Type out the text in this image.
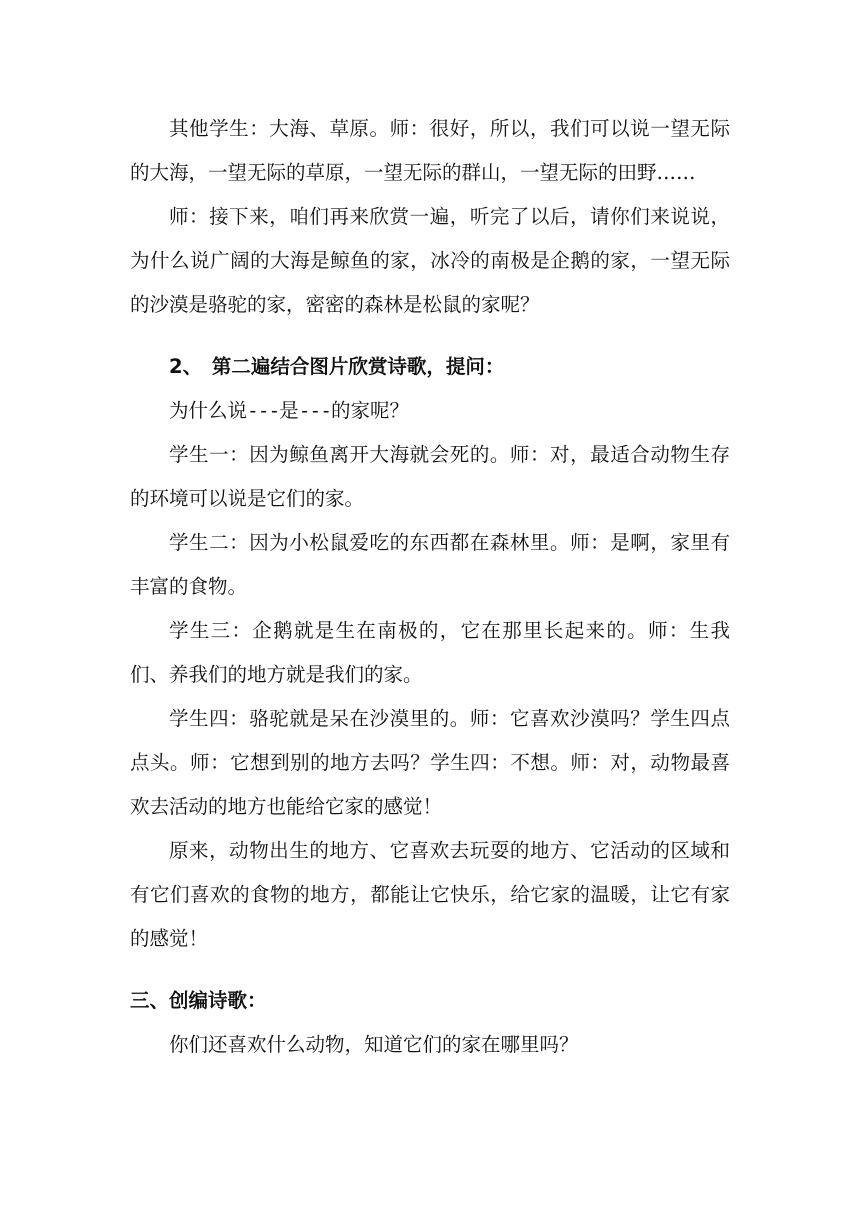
其他学生：大海、草原。师：很好，所以，我们可以说一望无际的大海，一望无际的草原，一望无际的群山，一望无际的田野……

师：接下来，咱们再来欣赏一遍，听完了以后，请你们来说说，为什么说广阔的大海是鲸鱼的家，冰冷的南极是企鹅的家，一望无际的沙漠是骆驼的家，密密的森林是松鼠的家呢？

2、　第二遍结合图片欣赏诗歌，提问：

为什么说---是---的家呢？

学生一：因为鲸鱼离开大海就会死的。师：对，最适合动物生存的环境可以说是它们的家。

学生二：因为小松鼠爱吃的东西都在森林里。师：是啊，家里有丰富的食物。

学生三：企鹅就是生在南极的，它在那里长起来的。师：生我们、养我们的地方就是我们的家。

学生四：骆驼就是呆在沙漠里的。师：它喜欢沙漠吗？学生四点点头。师：它想到别的地方去吗？学生四：不想。师：对，动物最喜欢去活动的地方也能给它家的感觉！

原来，动物出生的地方、它喜欢去玩耍的地方、它活动的区域和有它们喜欢的食物的地方，都能让它快乐，给它家的温暖，让它有家的感觉！

三、创编诗歌：

你们还喜欢什么动物，知道它们的家在哪里吗？
